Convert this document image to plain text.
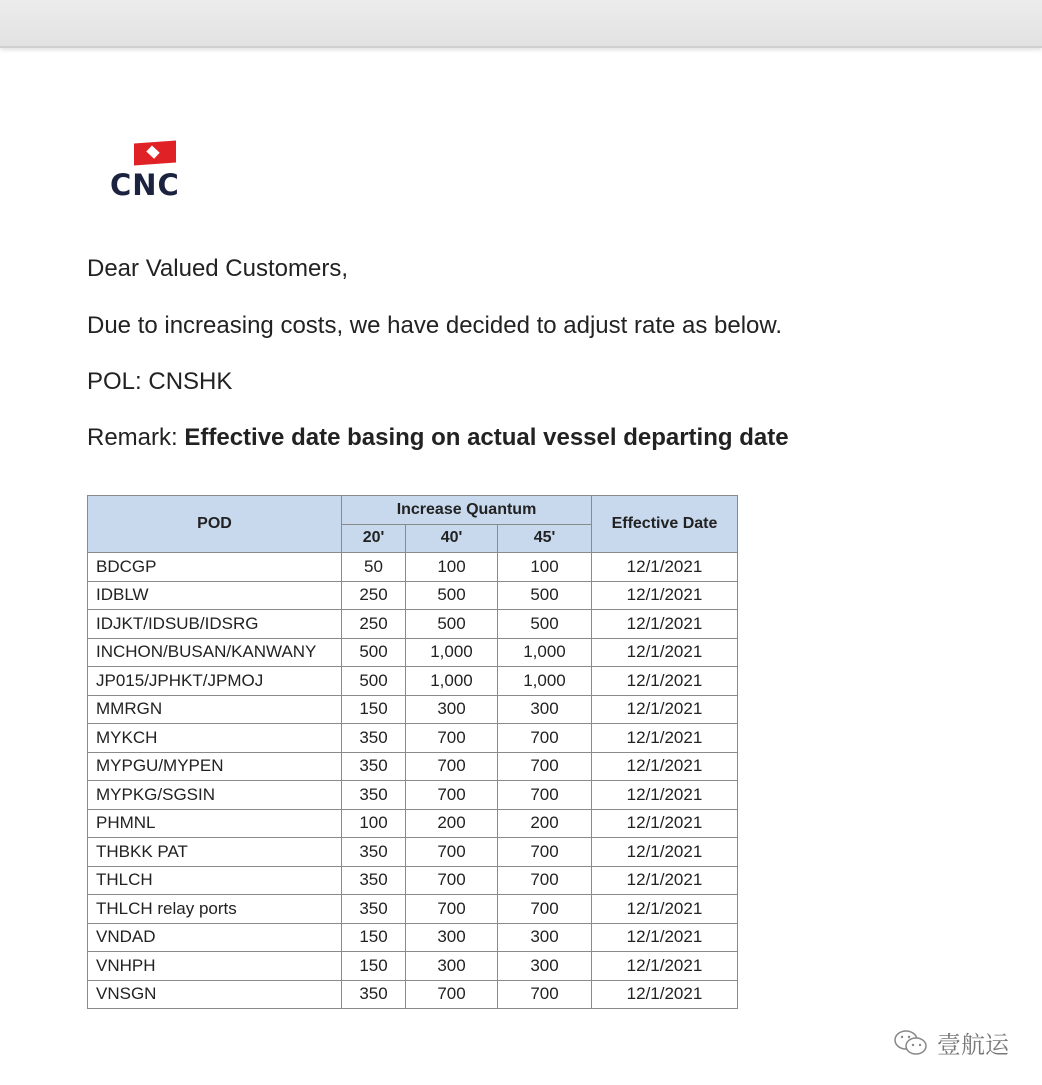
CNC
Dear Valued Customers,
Due to increasing costs, we have decided to adjust rate as below.
POL: CNSHK
Remark: Effective date basing on actual vessel departing date
POD	Increase Quantum			Effective Date
	20'	40'	45'	
BDCGP	50	100	100	12/1/2021
IDBLW	250	500	500	12/1/2021
IDJKT/IDSUB/IDSRG	250	500	500	12/1/2021
INCHON/BUSAN/KANWANY	500	1,000	1,000	12/1/2021
JP015/JPHKT/JPMOJ	500	1,000	1,000	12/1/2021
MMRGN	150	300	300	12/1/2021
MYKCH	350	700	700	12/1/2021
MYPGU/MYPEN	350	700	700	12/1/2021
MYPKG/SGSIN	350	700	700	12/1/2021
PHMNL	100	200	200	12/1/2021
THBKK PAT	350	700	700	12/1/2021
THLCH	350	700	700	12/1/2021
THLCH relay ports	350	700	700	12/1/2021
VNDAD	150	300	300	12/1/2021
VNHPH	150	300	300	12/1/2021
VNSGN	350	700	700	12/1/2021
壹航运
